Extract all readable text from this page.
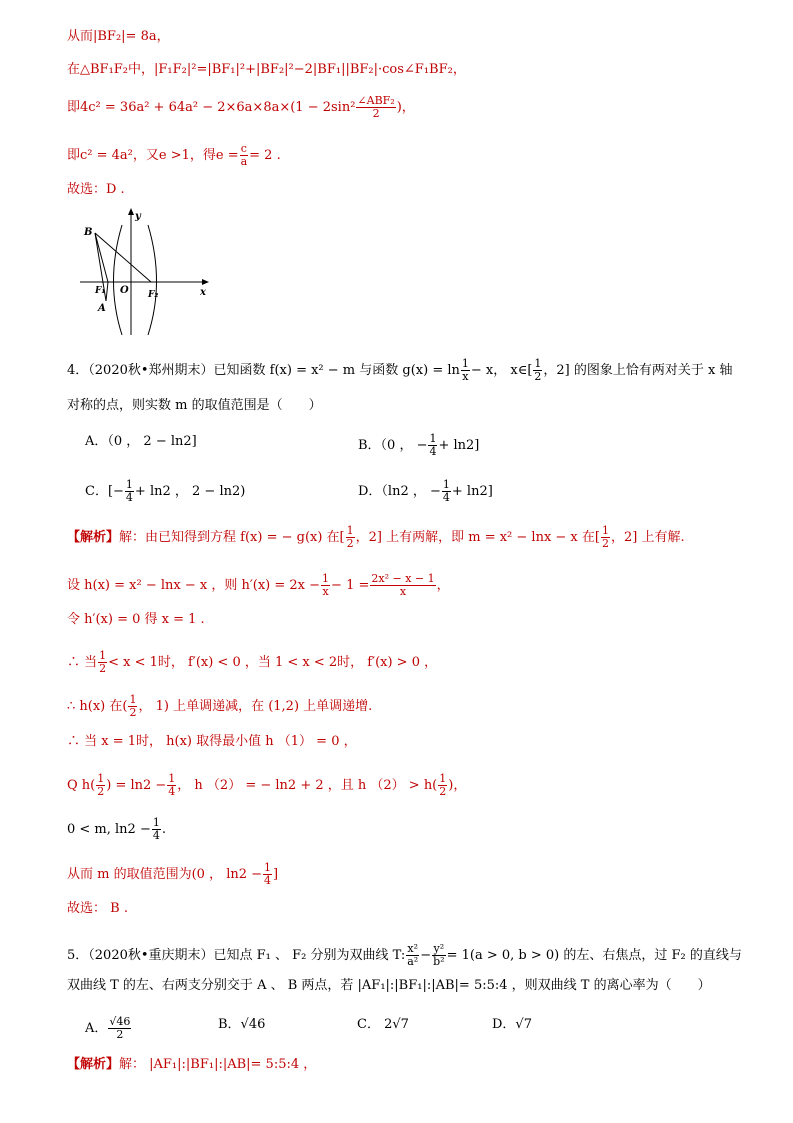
从而|BF₂|= 8a，
在△BF₁F₂中，|F₁F₂|²=|BF₁|²+|BF₂|²−2|BF₁||BF₂|·cos∠F₁BF₂，
即$4c^2 = 36a^2 + 64a^2 - 2\times 6a\times 8a\times(1 - 2\sin^2 \frac{\text{∠ABF₂}}{2}$ )，
即c² = 4a²，又e >1，得$e = \frac{c}{a} = 2$ .
故选：D .
B
y
F₁ O F₂	x
A
4．（2020秋•郑州期末）已知函数 f(x) = x² − m 与函数 $g(x) = \ln \frac{1}{x} - x$， x∈[ $\frac{1}{2}$ ，2] 的图象上恰有两对关于 x 轴
对称的点，则实数 m 的取值范围是（　　）
A．（0 ， 2 − ln2]	B．（0 ， − $\frac{1}{4} + \ln 2$]
C．[− $\frac{1}{4} + \ln 2$ ， 2 − ln2)	D．（ln2 ， − $\frac{1}{4} + \ln 2$]
【解析】解：由已知得到方程 f(x) = − g(x) 在[ $\frac{1}{2}$ ，2] 上有两解，即 m = x² − lnx − x 在[ $\frac{1}{2}$ ，2] 上有解.
设 h(x) = x² − lnx − x ，则 $h'(x) = 2x - \frac{1}{x} - 1 = \frac{\text{2x² − x − 1}}{x}$ ，
令 h′(x) = 0 得 x = 1 .
∴ 当 $\frac{1}{2} < x < 1$时， f′(x) < 0 ，当 1 < x < 2时， f′(x) > 0 ，
∴ h(x) 在( $\frac{1}{2}$ ， 1) 上单调递减，在 (1,2) 上单调递增.
∴ 当 x = 1时， h(x) 取得最小值 h （1） = 0 ，
Q $h( \frac{1}{2}$ ) = $\ln 2 - \frac{1}{4}$ ， h （2） = − ln2 + 2 ，且 h $(2) > h( \frac{1}{2}$ )，
0 < m, $\ln 2 - \frac{1}{4}$ .
从而 m 的取值范围为(0 ， $\ln 2 - \frac{1}{4}$ ]
故选： B .
5．（2020秋•重庆期末）已知点 F₁ 、 F₂ 分别为双曲线 T: $\frac{\text{x²}}{\text{a²}} - \frac{\text{y²}}{\text{b²}} = 1(a > 0$, b > 0) 的左、右焦点，过 F₂ 的直线与
双曲线 T 的左、右两支分别交于 A 、 B 两点，若 |AF₁|:|BF₁|:|AB|= 5:5:4 ，则双曲线 T 的离心率为（　　）
A． $\frac{√46}{2}$	B．√46	C． 2√7	D．√7
【解析】解： |AF₁|:|BF₁|:|AB|= 5:5:4 ，
